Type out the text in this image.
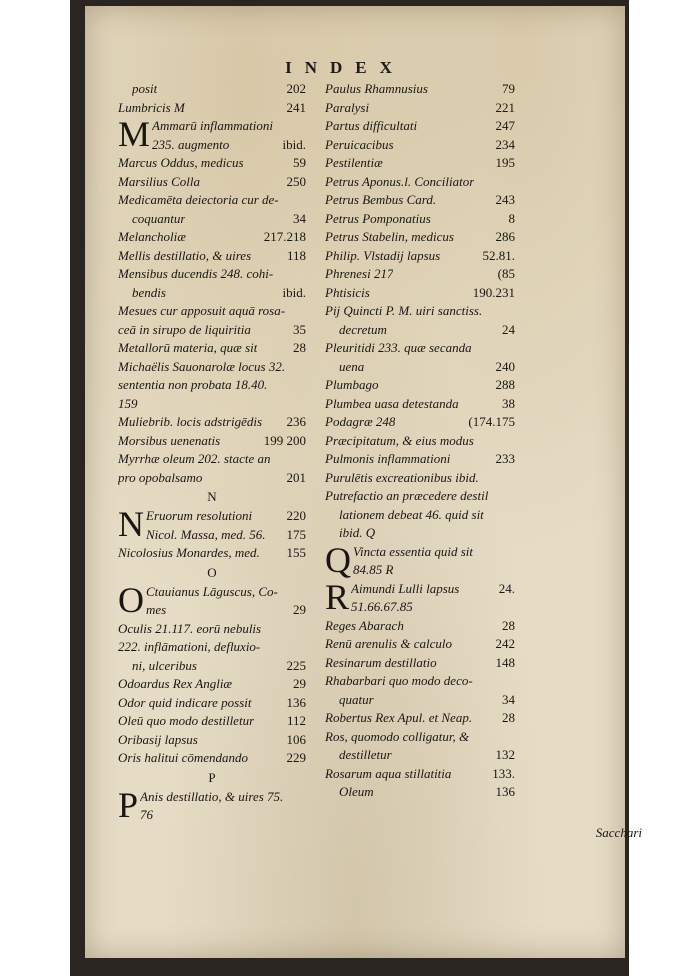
INDEX
posit	202
Lumbricis M	241
M Ammarū inflammationi
235. augmento	ibid.
Marcus Oddus, medicus	59
Marsilius Colla	250
Medicamēta deiectoria cur de-
coquantur	34
Melancholiæ	217.218
Mellis destillatio, & uires	118
Mensibus ducendis 248. cohi-
bendis	ibid.
Mesues cur apposuit aquā rosa-
ceā in sirupo de liquiritia	35
Metallorū materia, quæ sit	28
Michaëlis Sauonarolæ locus 32.
sententia non probata 18.40.
159
Muliebrib. locis adstrigēdis 236
Morsibus uenenatis	199 200
Myrrhæ oleum 202. stacte an
pro opobalsamo	201
N
N Eruorum resolutioni	220
Nicol. Massa, med. 56. 175
Nicolosius Monardes, med. 155
O
O Ctauianus Lāguscus, Co-
mes	29
Oculis 21.117. eorū nebulis
222. inflāmationi, defluxio-
ni, ulceribus	225
Odoardus Rex Angliæ	29
Odor quid indicare possit	136
Oleū quo modo destilletur	112
Oribasij lapsus	106
Oris halitui cōmendando	229
P
P Anis destillatio, & uires 75.
76
Paulus Rhamnusius	79
Paralysi	221
Partus difficultati	247
Peruicacibus	234
Pestilentiæ	195
Petrus Aponus.l. Conciliator
Petrus Bembus Card.	243
Petrus Pomponatius	8
Petrus Stabelin, medicus	286
Philip. Vlstadij lapsus	52.81.
Phrenesi 217	(85
Phtisicis	190.231
Pij Quincti P. M. uiri sanctiss.
decretum	24
Pleuritidi 233. quæ secanda
uena	240
Plumbago	288
Plumbea uasa detestanda	38
Podagræ 248	(174.175
Præcipitatum, & eius modus
Pulmonis inflammationi	233
Purulētis excreationibus ibid.
Putrefactio an præcedere destil
lationem debeat 46. quid sit
ibid. Q
Q Vincta essentia quid sit
84.85 R
R Aimundi Lulli lapsus	24.
51.66.67.85
Reges Abarach	28
Renū arenulis & calculo	242
Resinarum destillatio	148
Rhabarbari quo modo deco-
quatur	34
Robertus Rex Apul. et Neap. 28
Ros, quomodo colligatur, &
destilletur	132
Rosarum aqua stillatitia	133.
Oleum	136
Sacchari
